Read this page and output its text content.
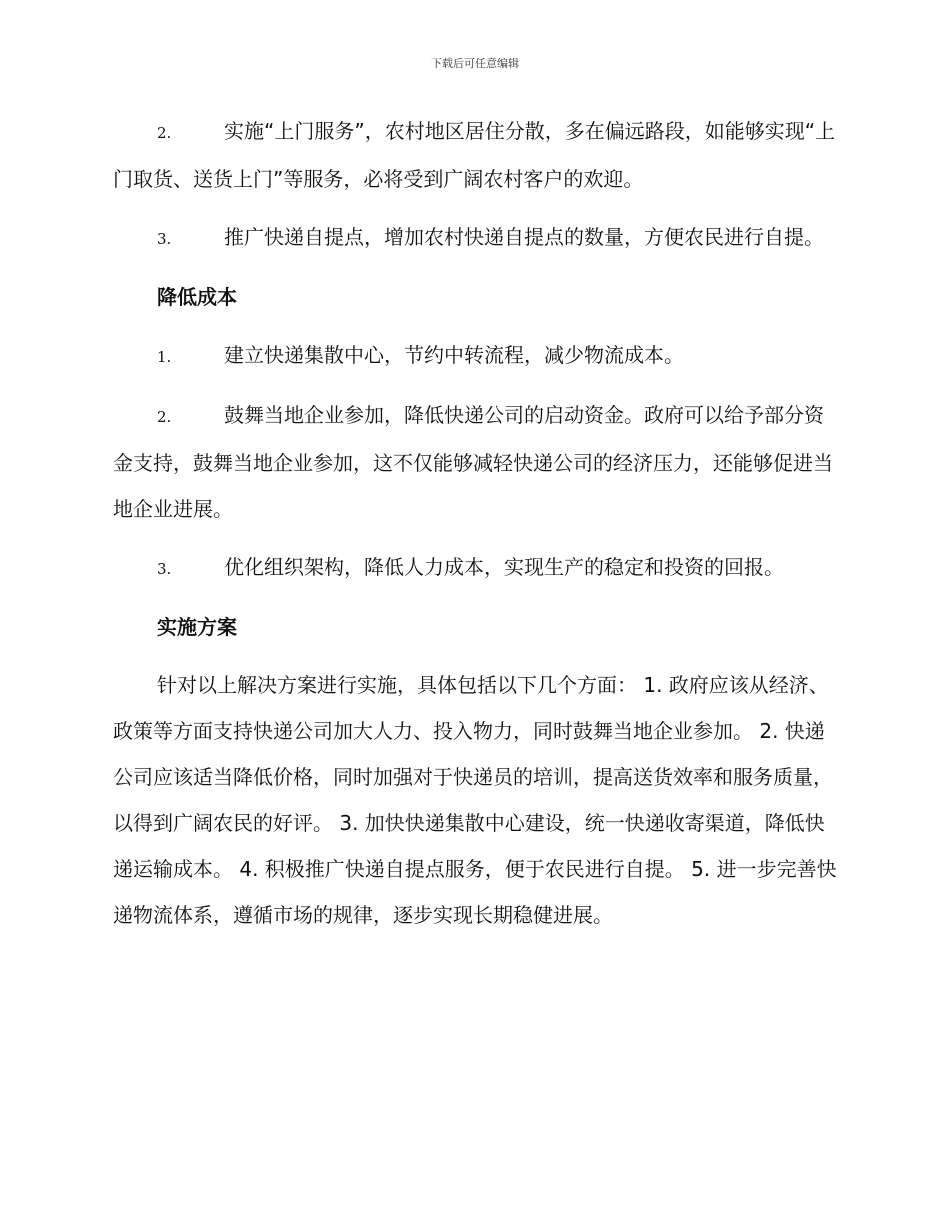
下载后可任意编辑

2.	实施“上门服务”，农村地区居住分散，多在偏远路段，如能够实现“上门取货、送货上门”等服务，必将受到广阔农村客户的欢迎。

3.	推广快递自提点，增加农村快递自提点的数量，方便农民进行自提。

降低成本

1.	建立快递集散中心，节约中转流程，减少物流成本。

2.	鼓舞当地企业参加，降低快递公司的启动资金。政府可以给予部分资金支持，鼓舞当地企业参加，这不仅能够减轻快递公司的经济压力，还能够促进当地企业进展。

3.	优化组织架构，降低人力成本，实现生产的稳定和投资的回报。

实施方案

针对以上解决方案进行实施，具体包括以下几个方面： 1. 政府应该从经济、政策等方面支持快递公司加大人力、投入物力，同时鼓舞当地企业参加。 2. 快递公司应该适当降低价格，同时加强对于快递员的培训，提高送货效率和服务质量，以得到广阔农民的好评。 3. 加快快递集散中心建设，统一快递收寄渠道，降低快递运输成本。 4. 积极推广快递自提点服务，便于农民进行自提。 5. 进一步完善快递物流体系，遵循市场的规律，逐步实现长期稳健进展。
